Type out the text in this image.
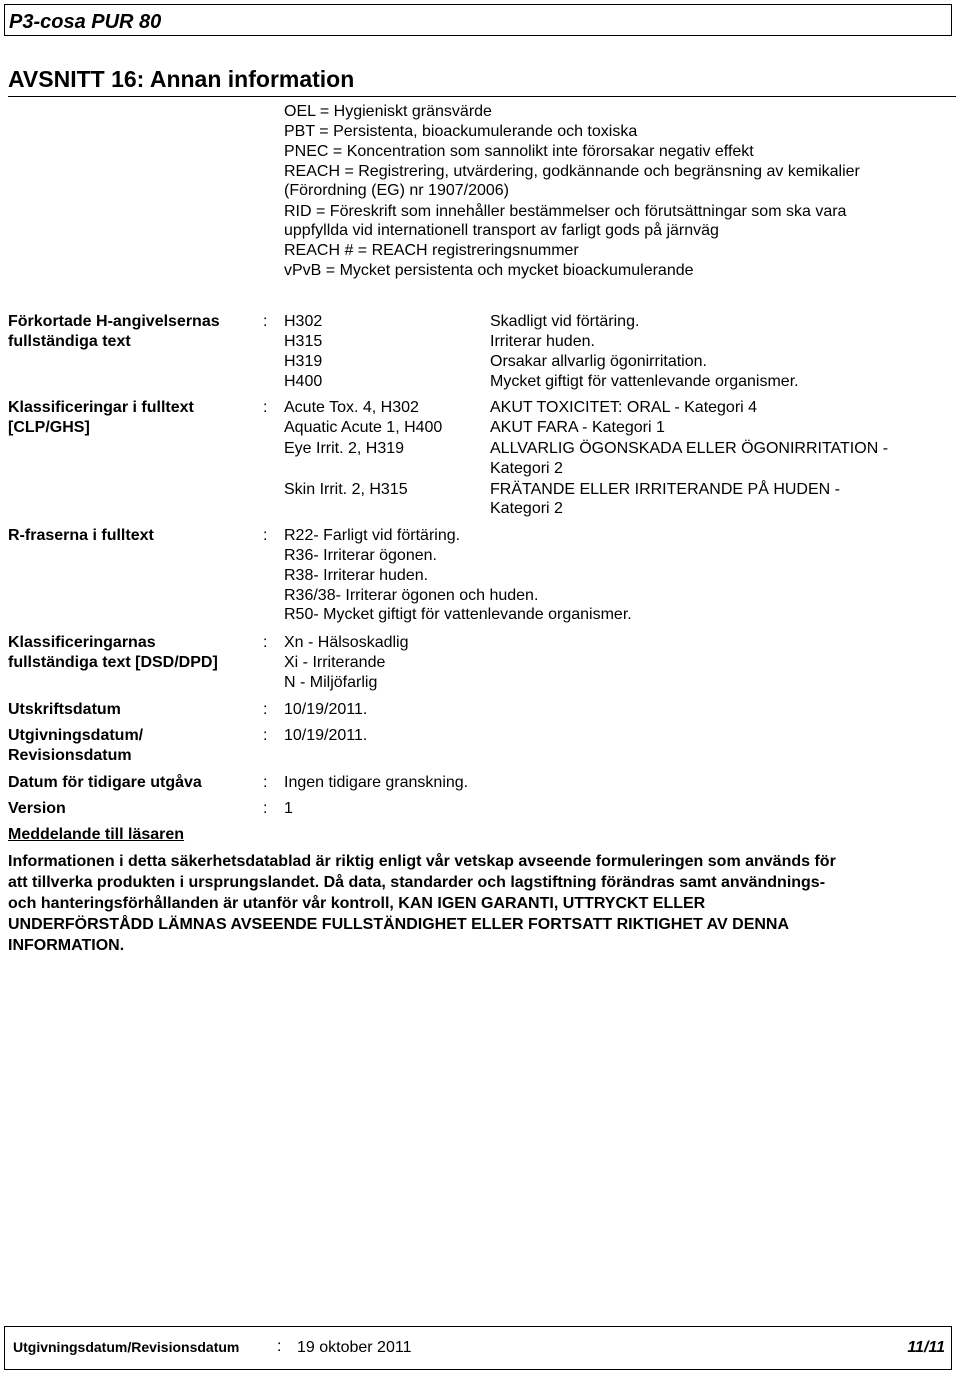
P3-cosa PUR 80
AVSNITT 16: Annan information
OEL = Hygieniskt gränsvärde
PBT = Persistenta, bioackumulerande och toxiska
PNEC = Koncentration som sannolikt inte förorsakar negativ effekt
REACH = Registrering, utvärdering, godkännande och begränsning av kemikalier
(Förordning (EG) nr 1907/2006)
RID = Föreskrift som innehåller bestämmelser och förutsättningar som ska vara
uppfyllda vid internationell transport av farligt gods på järnväg
REACH # = REACH registreringsnummer
vPvB = Mycket persistenta och mycket bioackumulerande
Förkortade H-angivelsernas
fullständiga text
: H302	Skadligt vid förtäring.
H315	Irriterar huden.
H319	Orsakar allvarlig ögonirritation.
H400	Mycket giftigt för vattenlevande organismer.
Klassificeringar i fulltext
[CLP/GHS]
: Acute Tox. 4, H302	AKUT TOXICITET: ORAL - Kategori 4
Aquatic Acute 1, H400	AKUT FARA - Kategori 1
Eye Irrit. 2, H319	ALLVARLIG ÖGONSKADA ELLER ÖGONIRRITATION -
Kategori 2
Skin Irrit. 2, H315	FRÄTANDE ELLER IRRITERANDE PÅ HUDEN -
Kategori 2
R-fraserna i fulltext	: R22- Farligt vid förtäring.
R36- Irriterar ögonen.
R38- Irriterar huden.
R36/38- Irriterar ögonen och huden.
R50- Mycket giftigt för vattenlevande organismer.
Klassificeringarnas
fullständiga text [DSD/DPD]
: Xn - Hälsoskadlig
Xi - Irriterande
N - Miljöfarlig
Utskriftsdatum	: 10/19/2011.
Utgivningsdatum/
Revisionsdatum
: 10/19/2011.
Datum för tidigare utgåva	: Ingen tidigare granskning.
Version	: 1
Meddelande till läsaren
Informationen i detta säkerhetsdatablad är riktig enligt vår vetskap avseende formuleringen som används för
att tillverka produkten i ursprungslandet. Då data, standarder och lagstiftning förändras samt användnings-
och hanteringsförhållanden är utanför vår kontroll, KAN IGEN GARANTI, UTTRYCKT ELLER
UNDERFÖRSTÅDD LÄMNAS AVSEENDE FULLSTÄNDIGHET ELLER FORTSATT RIKTIGHET AV DENNA
INFORMATION.
Utgivningsdatum/Revisionsdatum : 19 oktober 2011	11/11
